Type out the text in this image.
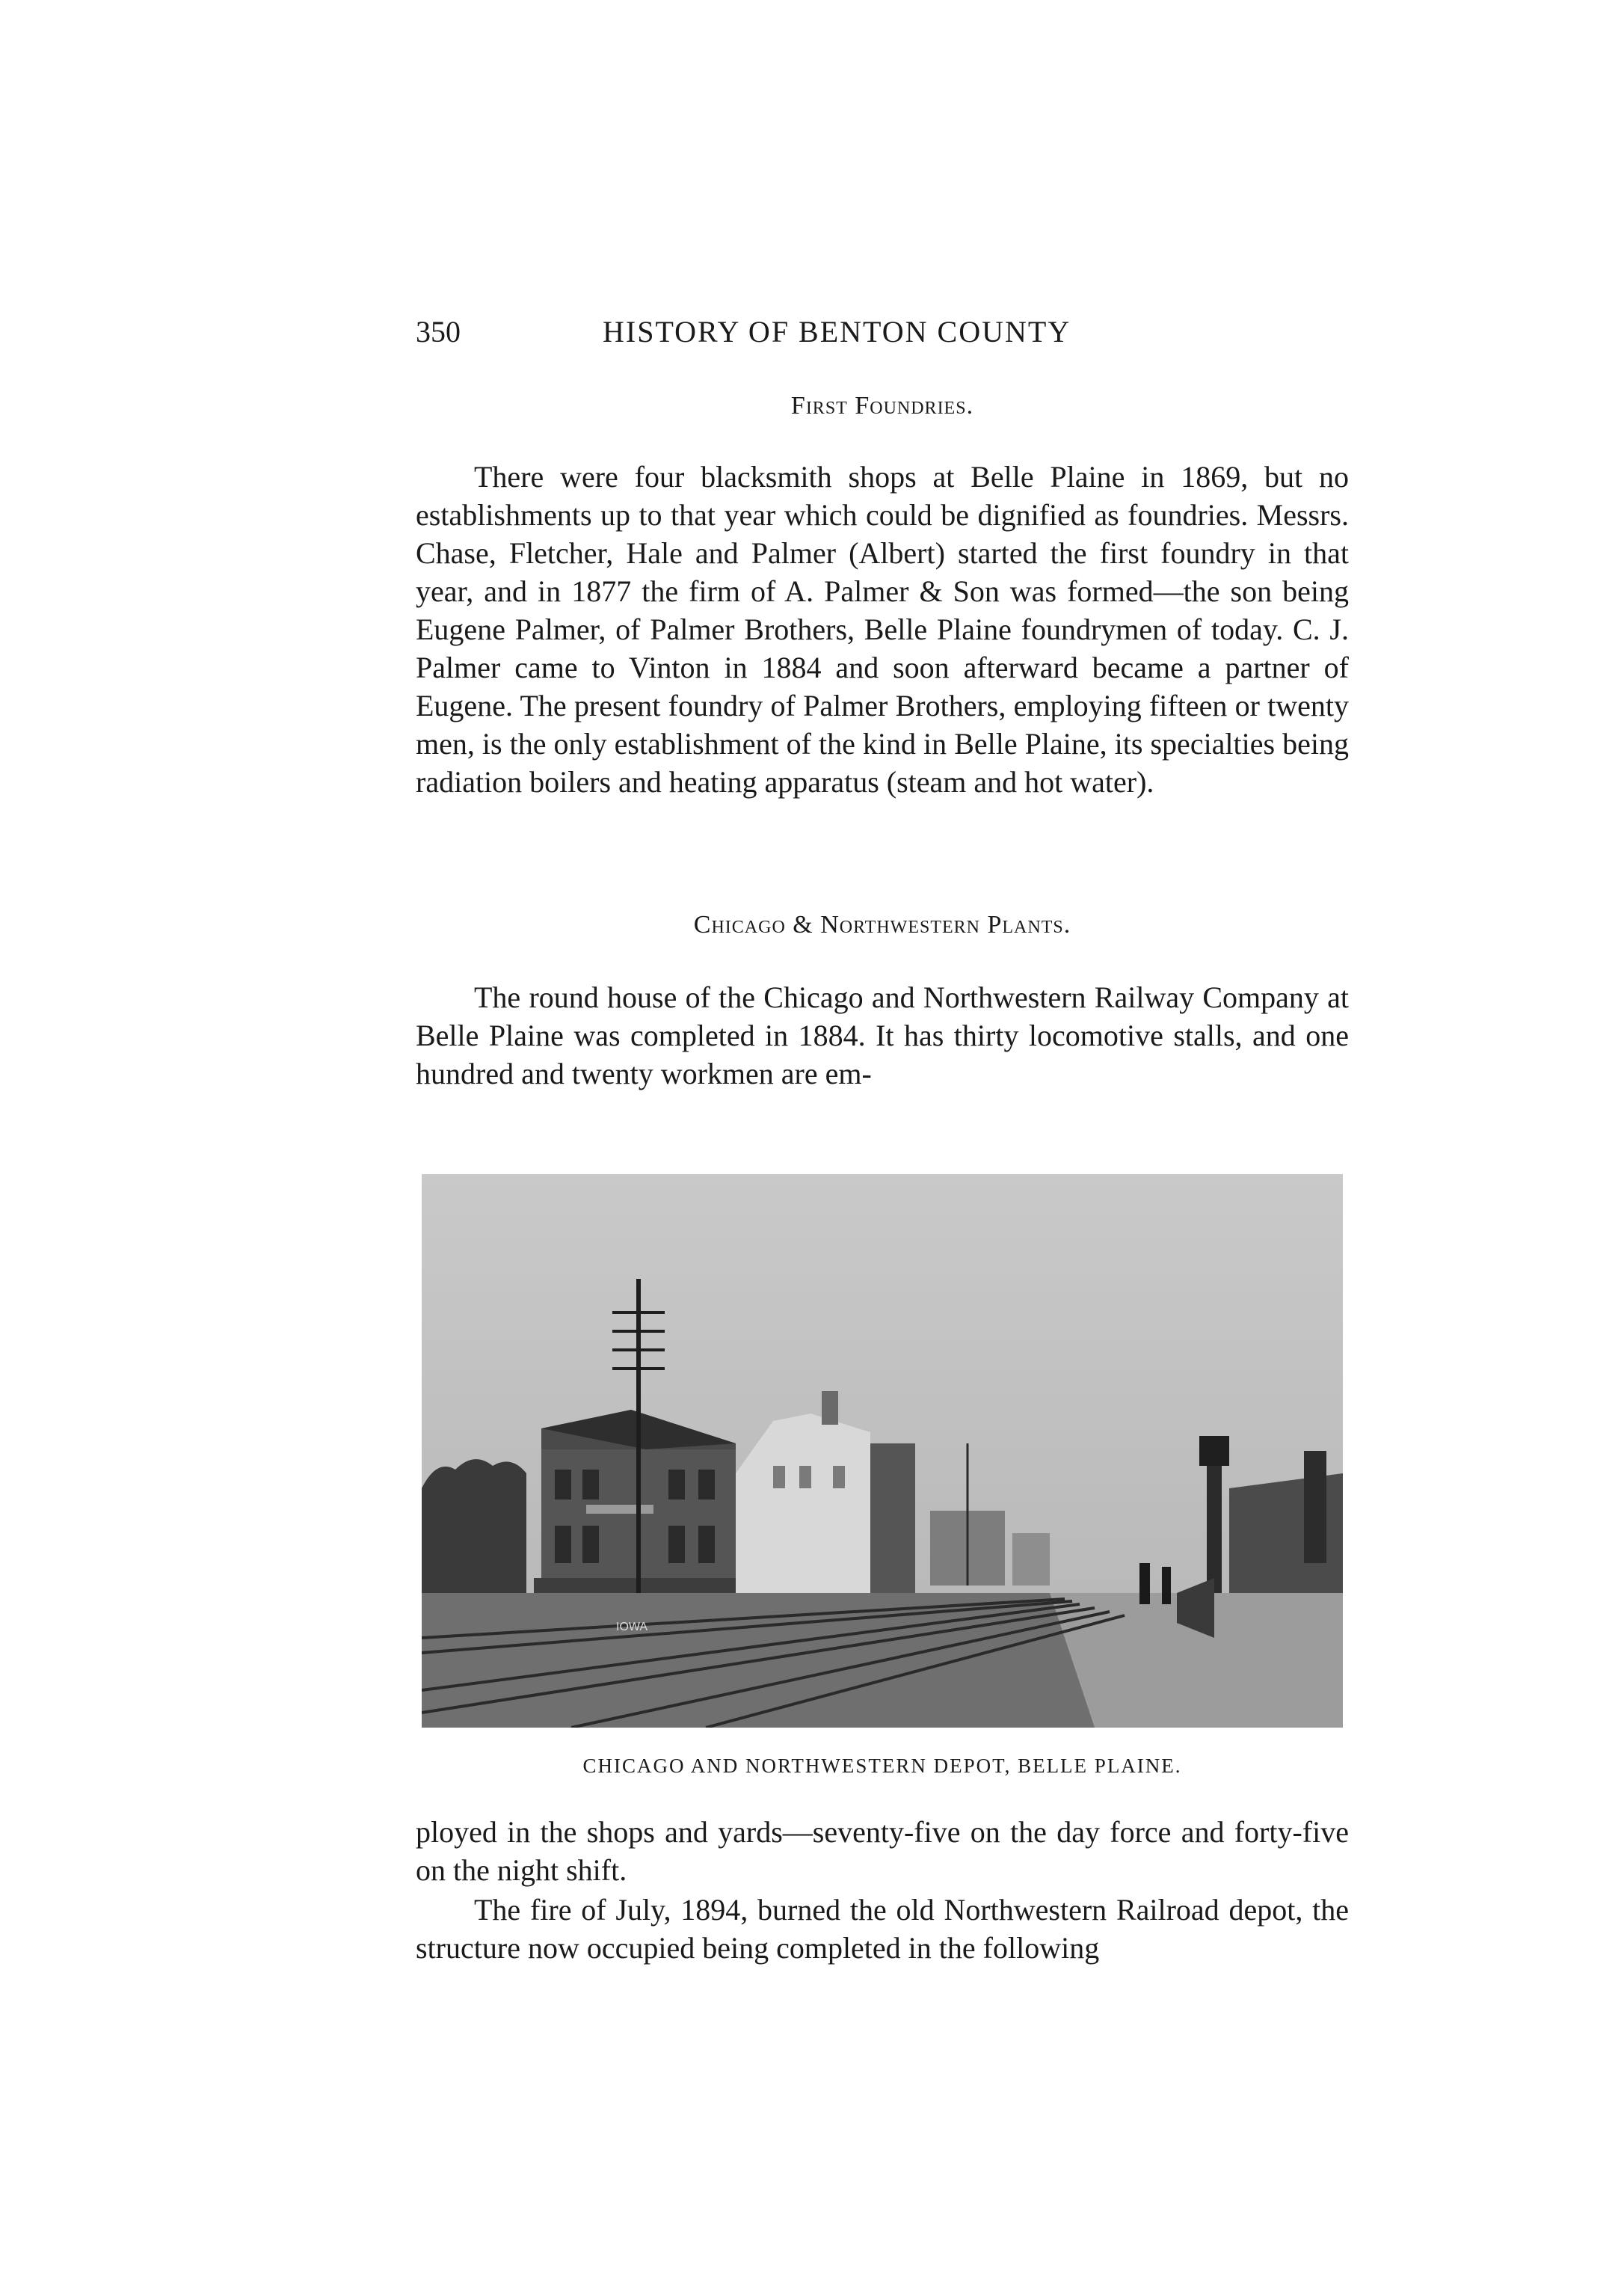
350	HISTORY OF BENTON COUNTY
First Foundries.

There were four blacksmith shops at Belle Plaine in 1869, but no establishments up to that year which could be dignified as foundries. Messrs. Chase, Fletcher, Hale and Palmer (Albert) started the first foundry in that year, and in 1877 the firm of A. Palmer & Son was formed—the son being Eugene Palmer, of Palmer Brothers, Belle Plaine foundrymen of today. C. J. Palmer came to Vinton in 1884 and soon afterward became a partner of Eugene. The present foundry of Palmer Brothers, employing fifteen or twenty men, is the only establishment of the kind in Belle Plaine, its specialties being radiation boilers and heating apparatus (steam and hot water).

Chicago & Northwestern Plants.

The round house of the Chicago and Northwestern Railway Company at Belle Plaine was completed in 1884. It has thirty locomotive stalls, and one hundred and twenty workmen are em-

IOWA
CHICAGO AND NORTHWESTERN DEPOT, BELLE PLAINE.

ployed in the shops and yards—seventy-five on the day force and forty-five on the night shift.

The fire of July, 1894, burned the old Northwestern Railroad depot, the structure now occupied being completed in the following
